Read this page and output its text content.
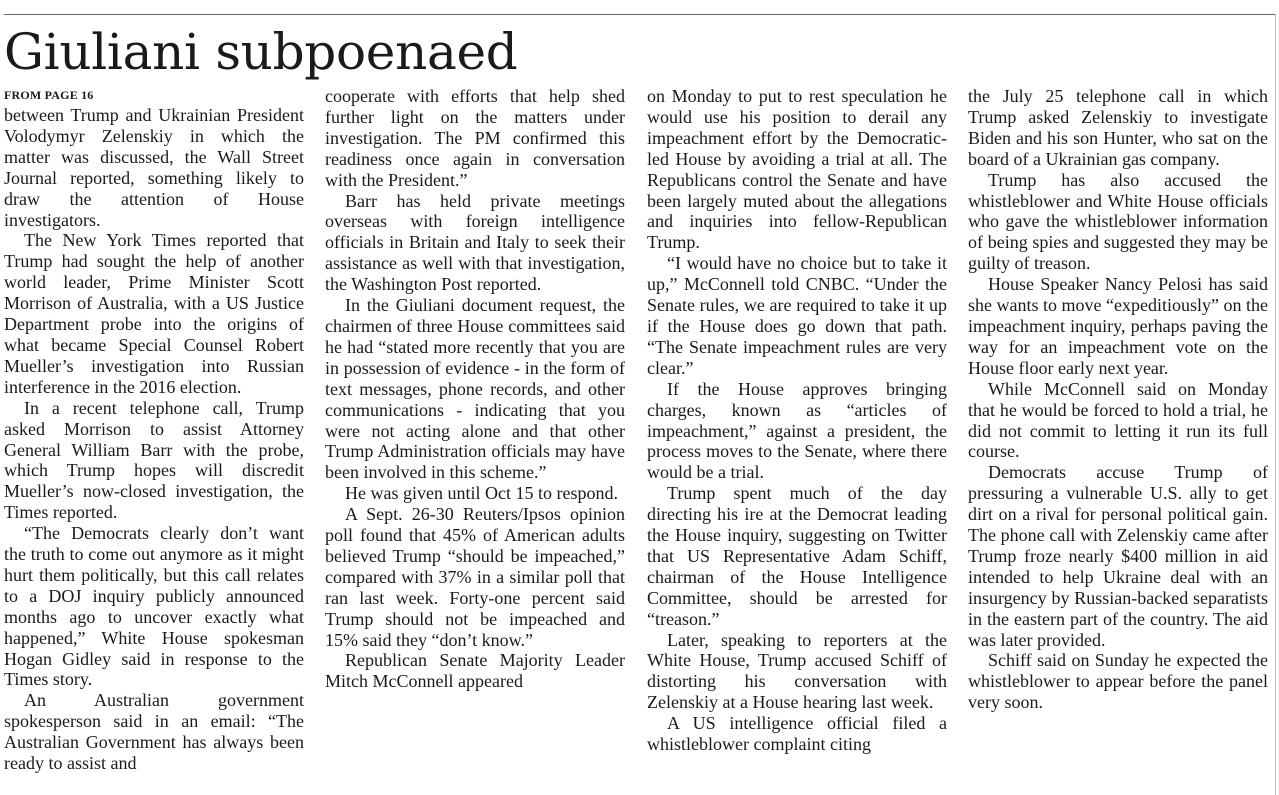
Giuliani subpoenaed
FROM PAGE 16

between Trump and Ukrainian President Volodymyr Zelenskiy in which the matter was discussed, the Wall Street Journal reported, something likely to draw the attention of House investigators.

The New York Times reported that Trump had sought the help of another world leader, Prime Minister Scott Morrison of Australia, with a US Justice Department probe into the origins of what became Special Counsel Robert Mueller’s investigation into Russian interference in the 2016 election.

In a recent telephone call, Trump asked Morrison to assist Attorney General William Barr with the probe, which Trump hopes will discredit Mueller’s now-closed investigation, the Times reported.

“The Democrats clearly don’t want the truth to come out anymore as it might hurt them politically, but this call relates to a DOJ inquiry publicly announced months ago to uncover exactly what happened,” White House spokesman Hogan Gidley said in response to the Times story.

An Australian government spokesperson said in an email: “The Australian Government has always been ready to assist and

cooperate with efforts that help shed further light on the matters under investigation. The PM confirmed this readiness once again in conversation with the President.”

Barr has held private meetings overseas with foreign intelligence officials in Britain and Italy to seek their assistance as well with that investigation, the Washington Post reported.

In the Giuliani document request, the chairmen of three House committees said he had “stated more recently that you are in possession of evidence - in the form of text messages, phone records, and other communications - indicating that you were not acting alone and that other Trump Administration officials may have been involved in this scheme.”

He was given until Oct 15 to respond.

A Sept. 26-30 Reuters/Ipsos opinion poll found that 45% of American adults believed Trump “should be impeached,” compared with 37% in a similar poll that ran last week. Forty-one percent said Trump should not be impeached and 15% said they “don’t know.”

Republican Senate Majority Leader Mitch McConnell appeared

on Monday to put to rest speculation he would use his position to derail any impeachment effort by the Democratic-led House by avoiding a trial at all. The Republicans control the Senate and have been largely muted about the allegations and inquiries into fellow-Republican Trump.

“I would have no choice but to take it up,” McConnell told CNBC. “Under the Senate rules, we are required to take it up if the House does go down that path. “The Senate impeachment rules are very clear.”

If the House approves bringing charges, known as “articles of impeachment,” against a president, the process moves to the Senate, where there would be a trial.

Trump spent much of the day directing his ire at the Democrat leading the House inquiry, suggesting on Twitter that US Representative Adam Schiff, chairman of the House Intelligence Committee, should be arrested for “treason.”

Later, speaking to reporters at the White House, Trump accused Schiff of distorting his conversation with Zelenskiy at a House hearing last week.

A US intelligence official filed a whistleblower complaint citing

the July 25 telephone call in which Trump asked Zelenskiy to investigate Biden and his son Hunter, who sat on the board of a Ukrainian gas company.

Trump has also accused the whistleblower and White House officials who gave the whistleblower information of being spies and suggested they may be guilty of treason.

House Speaker Nancy Pelosi has said she wants to move “expeditiously” on the impeachment inquiry, perhaps paving the way for an impeachment vote on the House floor early next year.

While McConnell said on Monday that he would be forced to hold a trial, he did not commit to letting it run its full course.

Democrats accuse Trump of pressuring a vulnerable U.S. ally to get dirt on a rival for personal political gain. The phone call with Zelenskiy came after Trump froze nearly $400 million in aid intended to help Ukraine deal with an insurgency by Russian-backed separatists in the eastern part of the country. The aid was later provided.

Schiff said on Sunday he expected the whistleblower to appear before the panel very soon.
